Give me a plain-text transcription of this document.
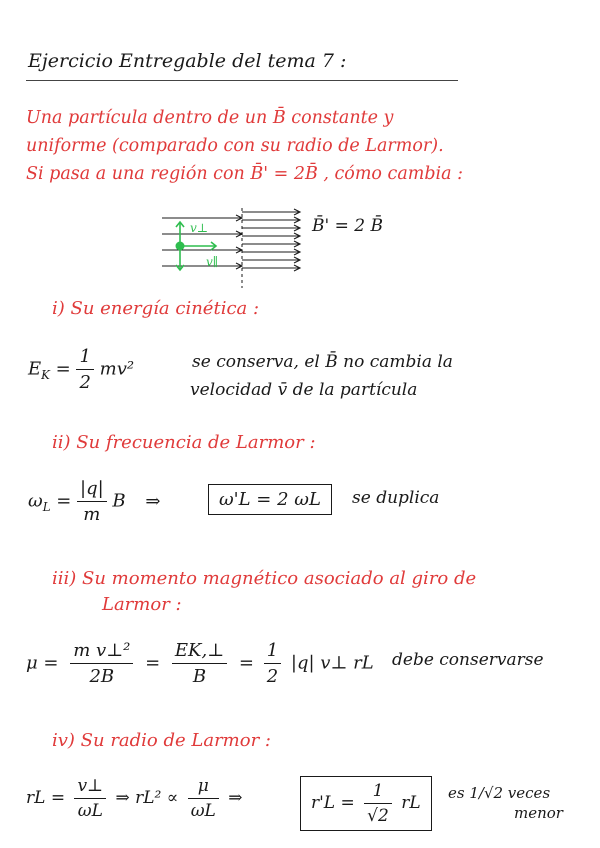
Ejercicio Entregable del tema 7 :
Una partícula dentro de un B̄ constante y
uniforme (comparado con su radio de Larmor).
Si pasa a una región con B̄' = 2B̄ , cómo cambia :
v⊥
v∥
B̄' = 2 B̄
i) Su energía cinética :
$E_K = \frac{1}{2} mv^2$	se conserva, el B̄ no cambia la
velocidad v̄ de la partícula
ii) Su frecuencia de Larmor :
$\omega_L = \frac{|q|}{m}$ B ⇒	ω'L = 2 ωL	se duplica
iii) Su momento magnético asociado al giro de
Larmor :
$\mu = \frac{\text{m v⊥²}}{2B} = \frac{EK,\perp}{B} = \frac{1}{2} |q|$ v⊥ rL debe conservarse
iv) Su radio de Larmor :
rL = $\frac{v\perp}{\omega L}$ ⇒ $rL^2 \propto \frac{\mu}{\omega L}$ ⇒	$r'L = \frac{1}{√2}$ rL	es 1/√2 veces
menor
